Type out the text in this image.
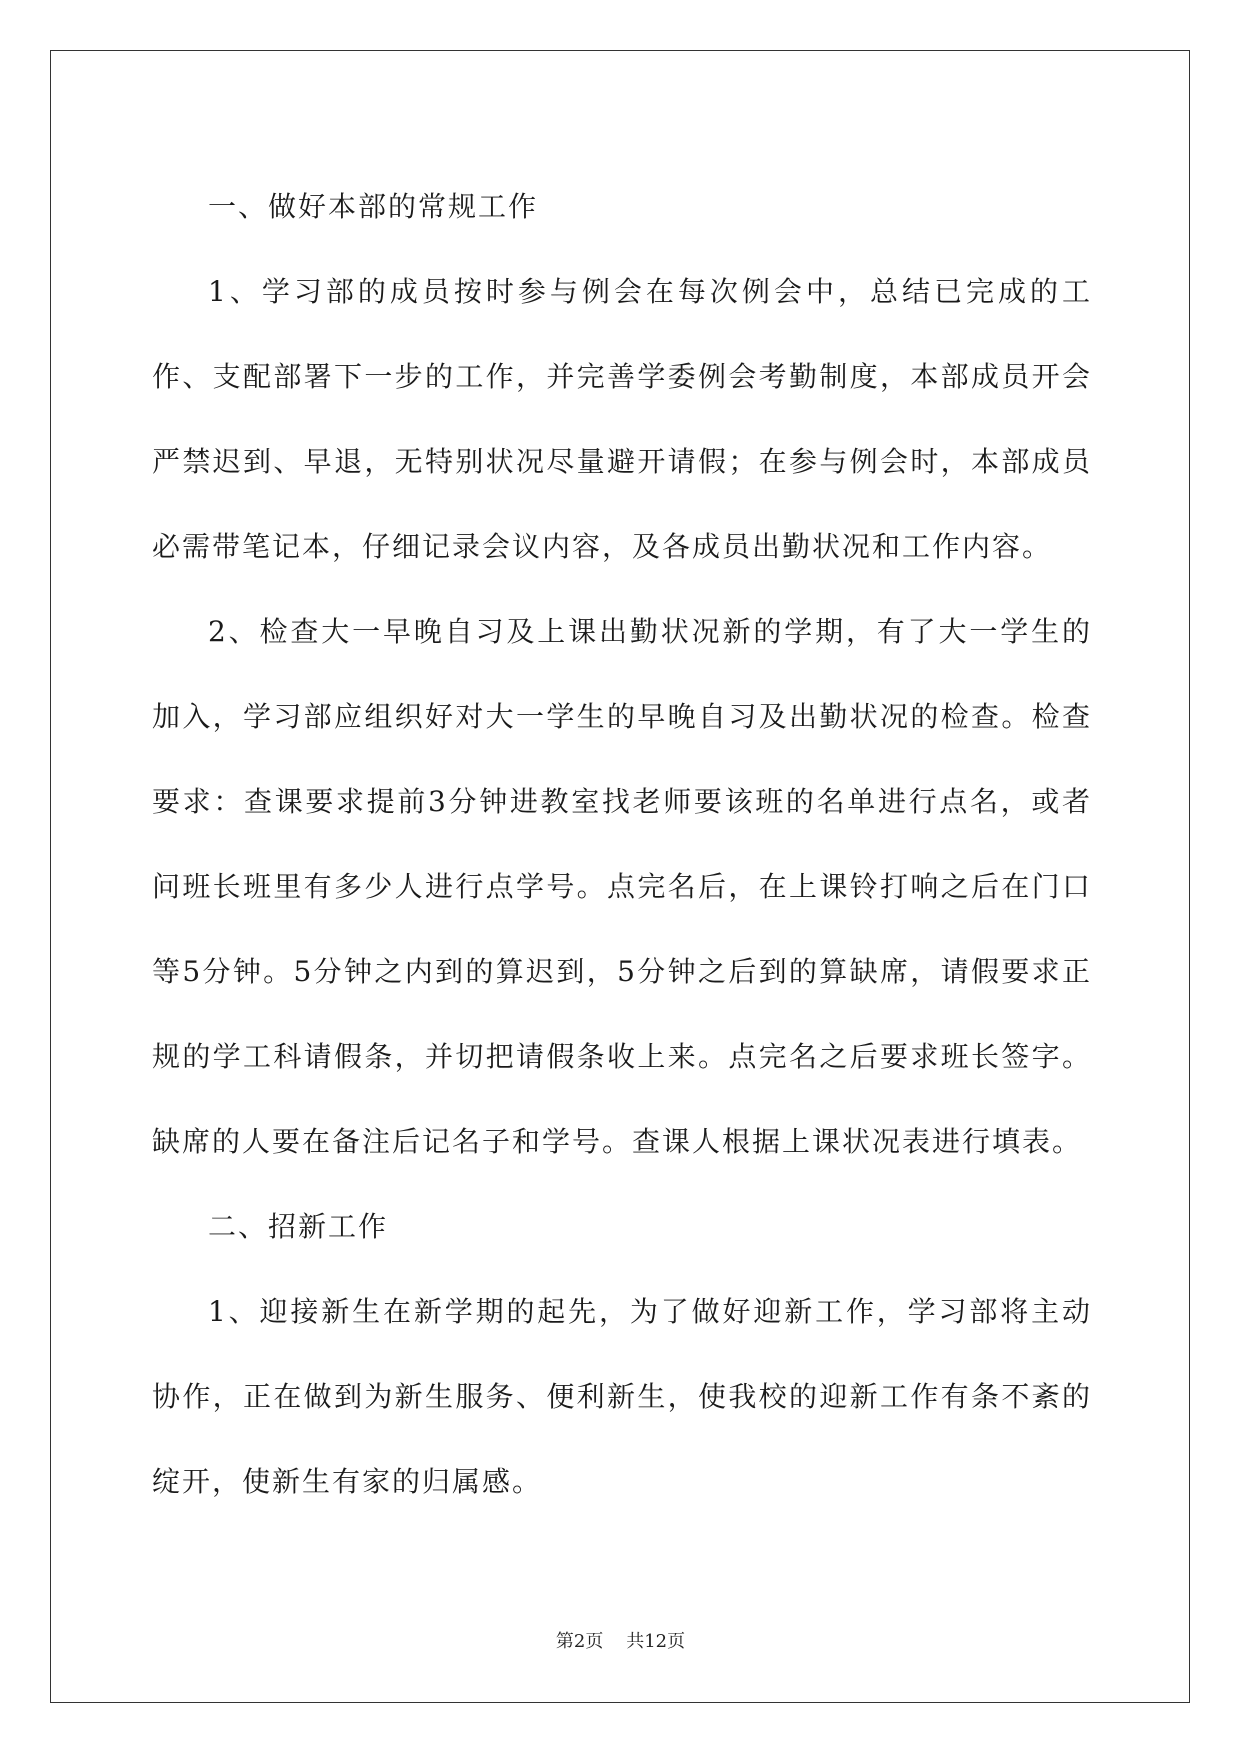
一、做好本部的常规工作

1、学习部的成员按时参与例会在每次例会中，总结已完成的工作、支配部署下一步的工作，并完善学委例会考勤制度，本部成员开会严禁迟到、早退，无特别状况尽量避开请假；在参与例会时，本部成员必需带笔记本，仔细记录会议内容，及各成员出勤状况和工作内容。

2、检查大一早晚自习及上课出勤状况新的学期，有了大一学生的加入，学习部应组织好对大一学生的早晚自习及出勤状况的检查。检查要求：查课要求提前3分钟进教室找老师要该班的名单进行点名，或者问班长班里有多少人进行点学号。点完名后，在上课铃打响之后在门口等5分钟。5分钟之内到的算迟到，5分钟之后到的算缺席，请假要求正规的学工科请假条，并切把请假条收上来。点完名之后要求班长签字。缺席的人要在备注后记名子和学号。查课人根据上课状况表进行填表。

二、招新工作

1、迎接新生在新学期的起先，为了做好迎新工作，学习部将主动协作，正在做到为新生服务、便利新生，使我校的迎新工作有条不紊的绽开，使新生有家的归属感。

第2页 共12页
